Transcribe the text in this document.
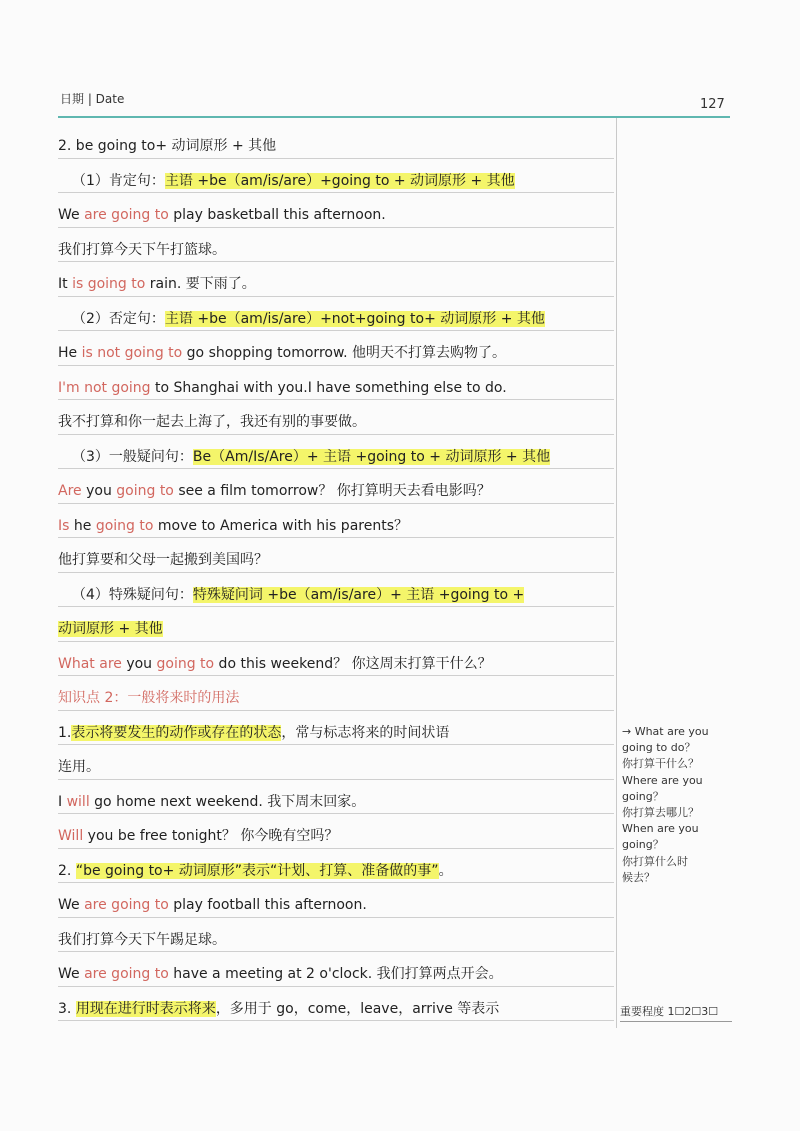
日期 | Date	127
2. be going to+ 动词原形 + 其他
（1）肯定句：主语 +be（am/is/are）+going to + 动词原形 + 其他
We are going to play basketball this afternoon.
我们打算今天下午打篮球。
It is going to rain. 要下雨了。
（2）否定句：主语 +be（am/is/are）+not+going to+ 动词原形 + 其他
He is not going to go shopping tomorrow. 他明天不打算去购物了。
I'm not going to Shanghai with you.I have something else to do.
我不打算和你一起去上海了，我还有别的事要做。
（3）一般疑问句：Be（Am/Is/Are）+ 主语 +going to + 动词原形 + 其他
Are you going to see a film tomorrow？ 你打算明天去看电影吗？
Is he going to move to America with his parents？
他打算要和父母一起搬到美国吗？
（4）特殊疑问句：特殊疑问词 +be（am/is/are）+ 主语 +going to +
动词原形 + 其他
What are you going to do this weekend？ 你这周末打算干什么？
知识点 2：一般将来时的用法
1.表示将要发生的动作或存在的状态，常与标志将来的时间状语
连用。
I will go home next weekend. 我下周末回家。
Will you be free tonight？ 你今晚有空吗？
2. “be going to+ 动词原形”表示“计划、打算、准备做的事”。
We are going to play football this afternoon.
我们打算今天下午踢足球。
We are going to have a meeting at 2 o'clock. 我们打算两点开会。
3. 用现在进行时表示将来，多用于 go，come，leave，arrive 等表示
→ What are you
going to do？
你打算干什么？
Where are you
going？
你打算去哪儿？
When are you
going？
你打算什么时
候去？
重要程度 1☐2☐3☐
